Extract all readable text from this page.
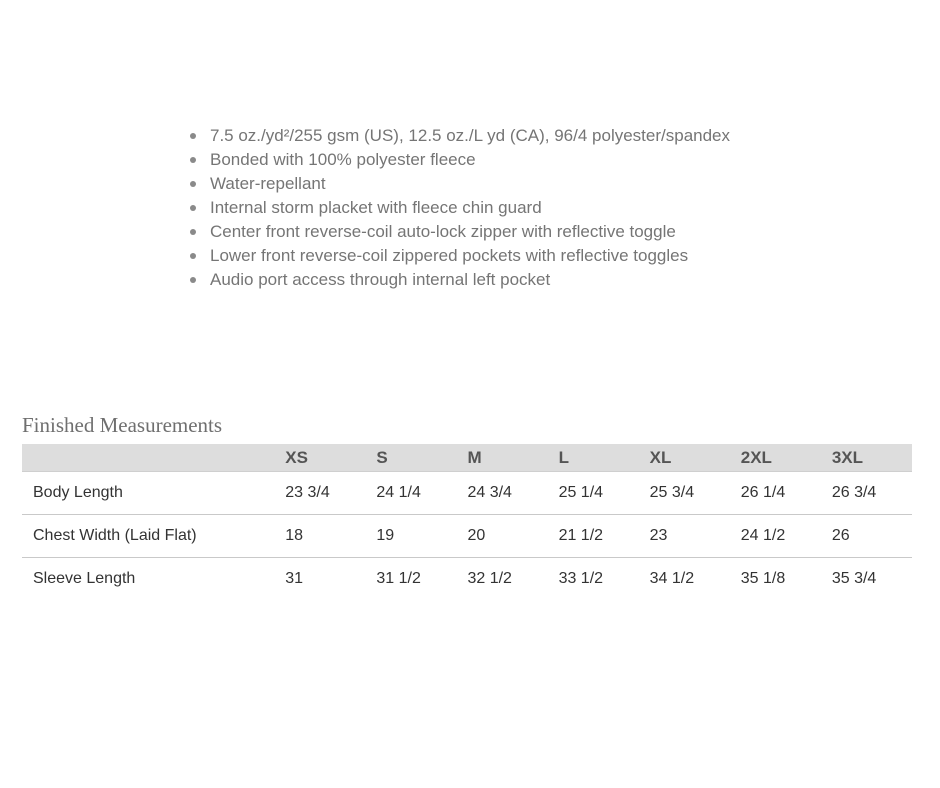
7.5 oz./yd²/255 gsm (US), 12.5 oz./L yd (CA), 96/4 polyester/spandex
Bonded with 100% polyester fleece
Water-repellant
Internal storm placket with fleece chin guard
Center front reverse-coil auto-lock zipper with reflective toggle
Lower front reverse-coil zippered pockets with reflective toggles
Audio port access through internal left pocket
Finished Measurements
	XS	S	M	L	XL	2XL	3XL
Body Length	23 3/4	24 1/4	24 3/4	25 1/4	25 3/4	26 1/4	26 3/4
Chest Width (Laid Flat)	18	19	20	21 1/2	23	24 1/2	26
Sleeve Length	31	31 1/2	32 1/2	33 1/2	34 1/2	35 1/8	35 3/4
